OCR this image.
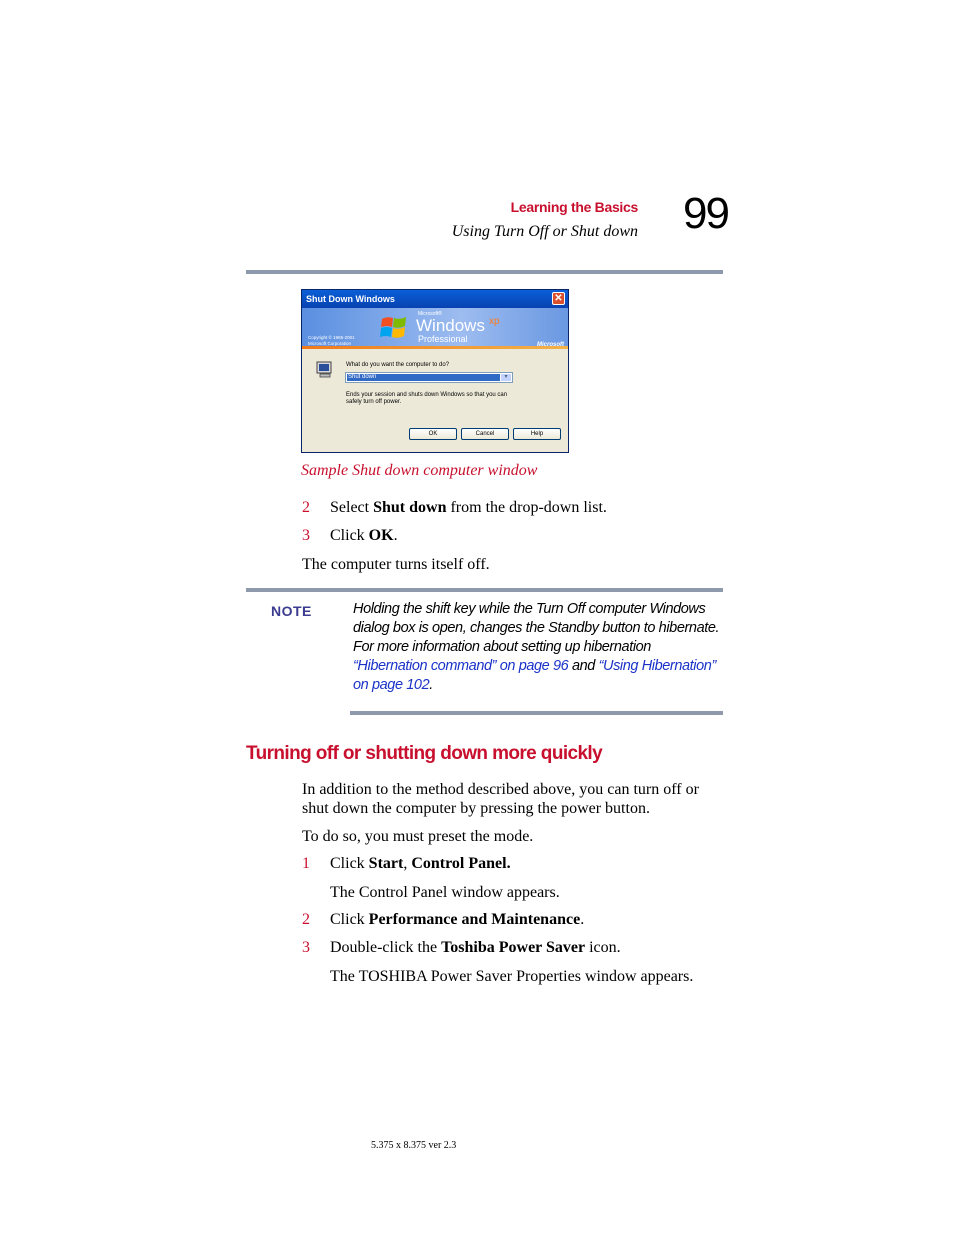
Learning the Basics
Using Turn Off or Shut down 99
Shut Down Windows	✕
Microsoft®
Windows xp
Professional
Copyright © 1985-2001
Microsoft Corporation	Microsoft
What do you want the computer to do?
Shut down	▾
Ends your session and shuts down Windows so that you can safely turn off power.
OK	Cancel	Help
Sample Shut down computer window
2 Select Shut down from the drop-down list.
3 Click OK.
The computer turns itself off.
NOTE	Holding the shift key while the Turn Off computer Windows dialog box is open, changes the Standby button to hibernate. For more information about setting up hibernation “Hibernation command” on page 96 and “Using Hibernation” on page 102.
Turning off or shutting down more quickly
In addition to the method described above, you can turn off or shut down the computer by pressing the power button.
To do so, you must preset the mode.
1 Click Start, Control Panel.
The Control Panel window appears.
2 Click Performance and Maintenance.
3 Double-click the Toshiba Power Saver icon.
The TOSHIBA Power Saver Properties window appears.
5.375 x 8.375 ver 2.3
